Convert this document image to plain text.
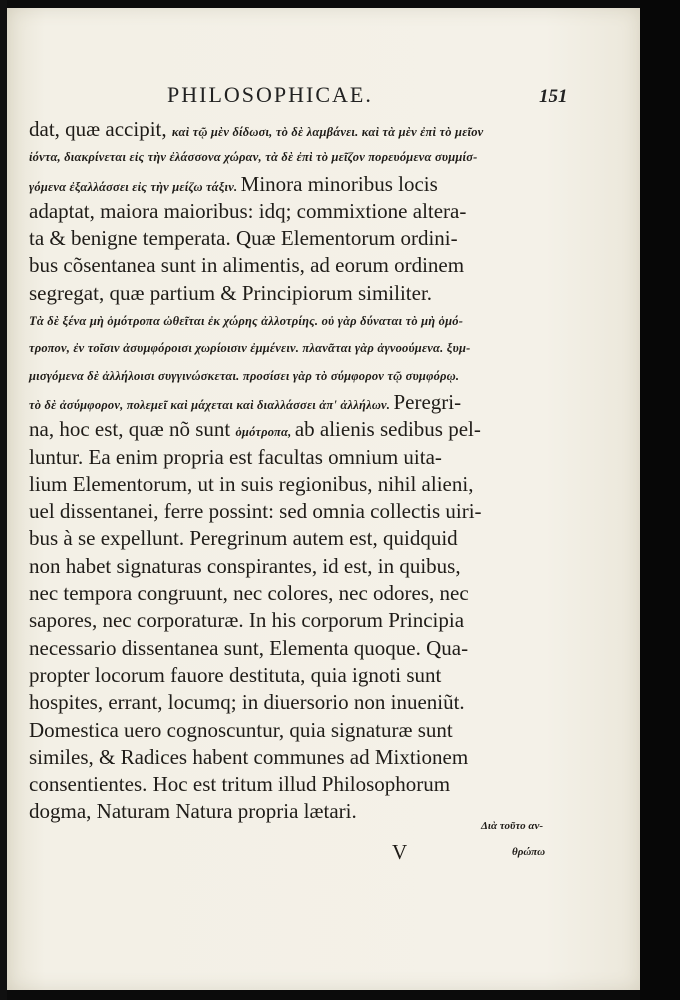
PHILOSOPHICAE.	151
dat, quæ accipit, καὶ τῷ μὲν δίδωσι, τὸ δὲ λαμβάνει. καὶ τὰ μὲν ἐπὶ τὸ μεῖον
ἰόντα, διακρίνεται εἰς τὴν ἐλάσσονα χώραν, τὰ δὲ ἐπὶ τὸ μεῖζον πορευόμενα συμμίσ-
γόμενα ἐξαλλάσσει εἰς τὴν μείζω τάξιν. Minora minoribus locis
adaptat, maiora maioribus: idq; commixtione altera-
ta & benigne temperata. Quæ Elementorum ordini-
bus cõsentanea sunt in alimentis, ad eorum ordinem
segregat, quæ partium & Principiorum similiter.
Τὰ δὲ ξένα μὴ ὁμότροπα ὠθεῖται ἐκ χώρης ἀλλοτρίης. οὐ γὰρ δύναται τὸ μὴ ὁμό-
τροπον, ἐν τοῖσιν ἀσυμφόροισι χωρίοισιν ἐμμένειν. πλανᾶται γὰρ ἀγνοούμενα. ξυμ-
μισγόμενα δὲ ἀλλήλοισι συγγινώσκεται. προσίσει γὰρ τὸ σύμφορον τῷ συμφόρῳ.
τὸ δὲ ἀσύμφορον, πολεμεῖ καὶ μάχεται καὶ διαλλάσσει ἀπ' ἀλλήλων. Peregri-
na, hoc est, quæ nõ sunt ὁμότροπα, ab alienis sedibus pel-
luntur. Ea enim propria est facultas omnium uita-
lium Elementorum, ut in suis regionibus, nihil alieni,
uel dissentanei, ferre possint: sed omnia collectis uiri-
bus à se expellunt. Peregrinum autem est, quidquid
non habet signaturas conspirantes, id est, in quibus,
nec tempora congruunt, nec colores, nec odores, nec
sapores, nec corporaturæ. In his corporum Principia
necessario dissentanea sunt, Elementa quoque. Qua-
propter locorum fauore destituta, quia ignoti sunt
hospites, errant, locumq; in diuersorio non inueniũt.
Domestica uero cognoscuntur, quia signaturæ sunt
similes, & Radices habent communes ad Mixtionem
consentientes. Hoc est tritum illud Philosophorum
dogma, Naturam Natura propria lætari.
Διὰ τοῦτο αν-
θρώπω
V
